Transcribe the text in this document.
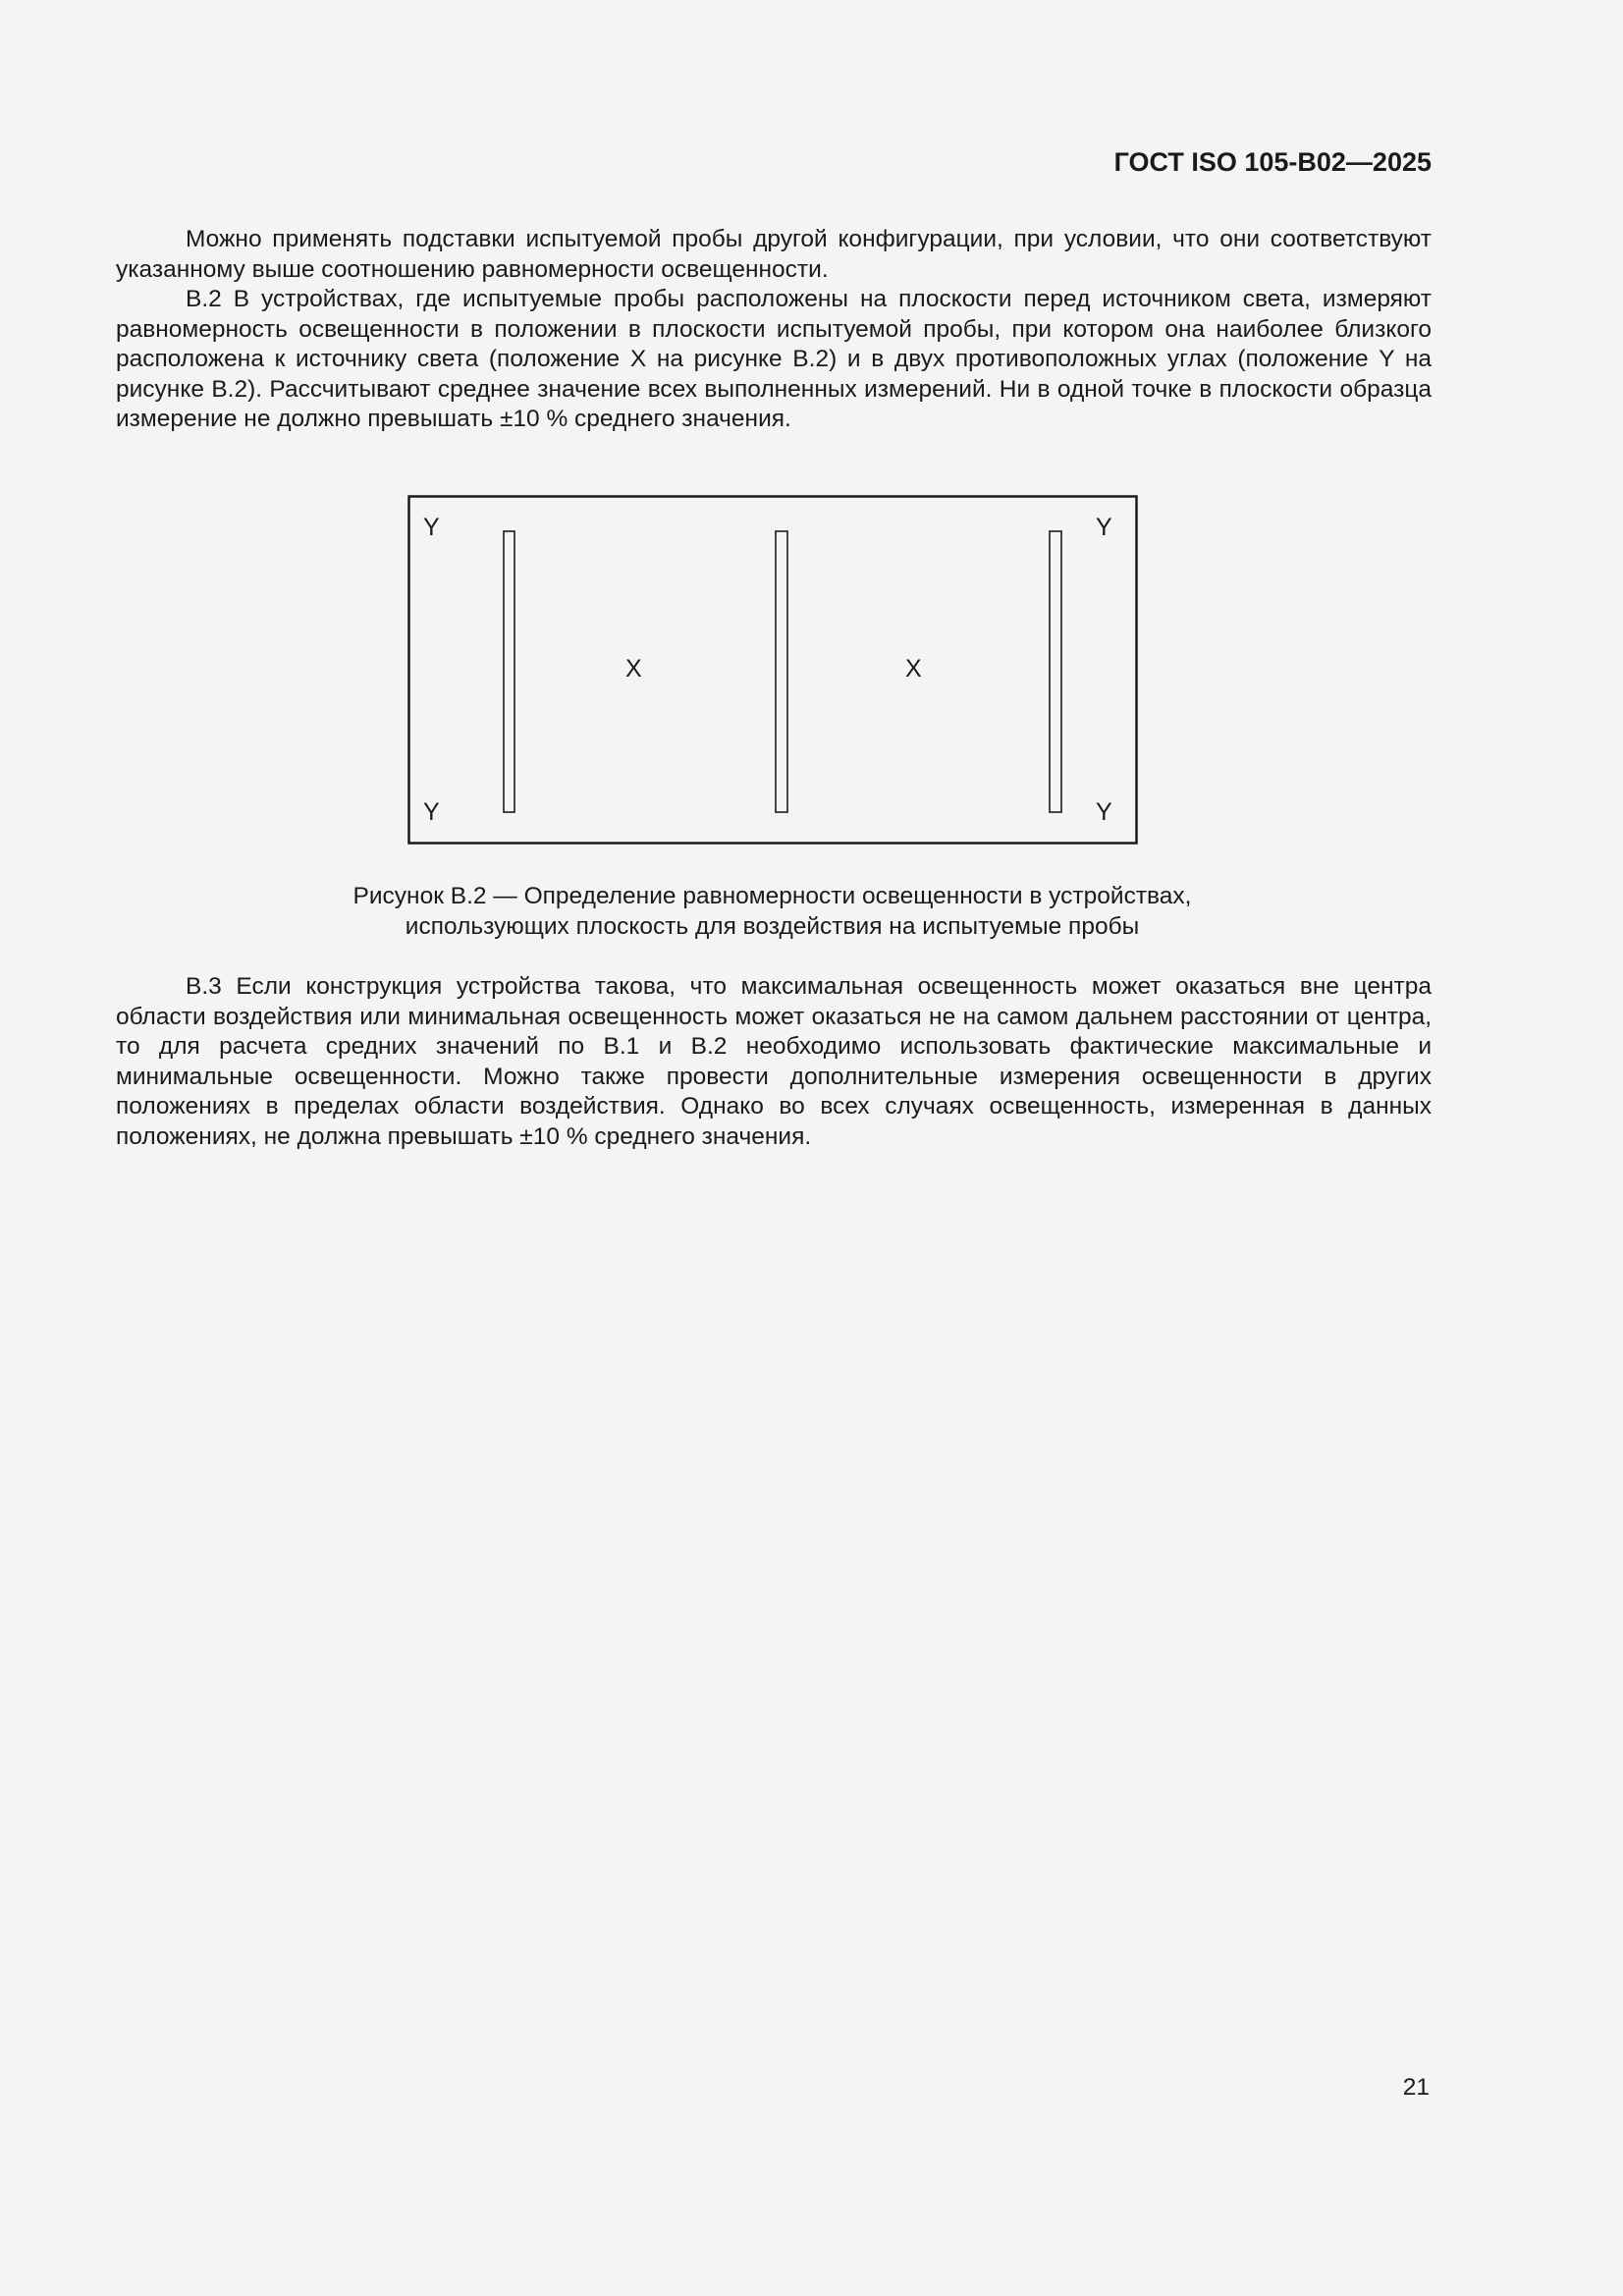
ГОСТ ISO 105-B02—2025

Можно применять подставки испытуемой пробы другой конфигурации, при условии, что они соответствуют указанному выше соотношению равномерности освещенности.

В.2 В устройствах, где испытуемые пробы расположены на плоскости перед источником света, измеряют равномерность освещенности в положении в плоскости испытуемой пробы, при котором она наиболее близкого расположена к источнику света (положение X на рисунке В.2) и в двух противоположных углах (положение Y на рисунке В.2). Рассчитывают среднее значение всех выполненных измерений. Ни в одной точке в плоскости образца измерение не должно превышать ±10 % среднего значения.

Y	Y
Y	Y
X	X
Рисунок В.2 — Определение равномерности освещенности в устройствах,
использующих плоскость для воздействия на испытуемые пробы

В.3 Если конструкция устройства такова, что максимальная освещенность может оказаться вне центра области воздействия или минимальная освещенность может оказаться не на самом дальнем расстоянии от центра, то для расчета средних значений по В.1 и В.2 необходимо использовать фактические максимальные и минимальные освещенности. Можно также провести дополнительные измерения освещенности в других положениях в пределах области воздействия. Однако во всех случаях освещенность, измеренная в данных положениях, не должна превышать ±10 % среднего значения.

21
